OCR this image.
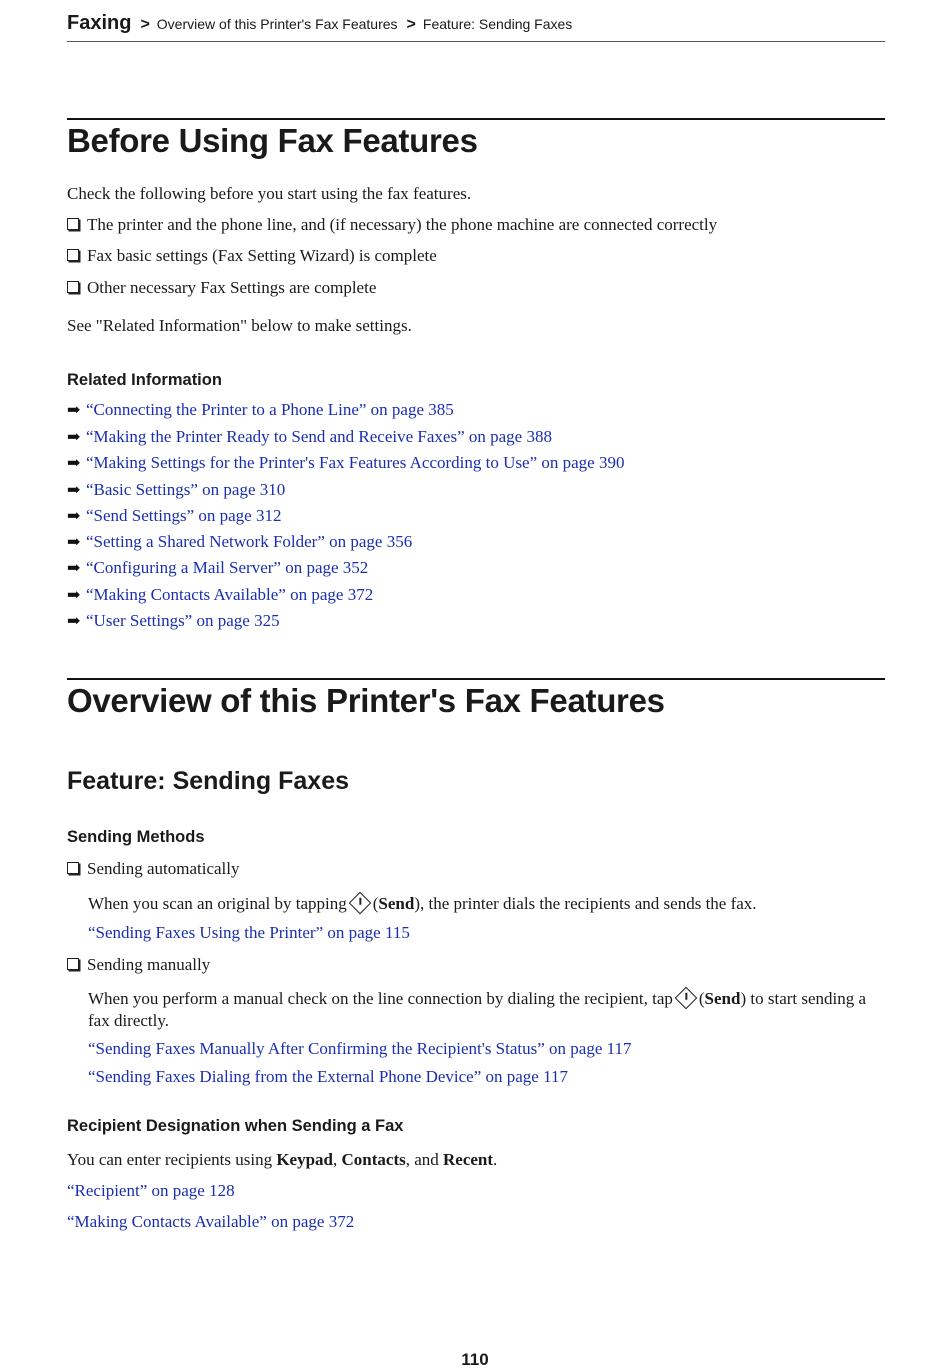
Faxing > Overview of this Printer's Fax Features > Feature: Sending Faxes
Before Using Fax Features
Check the following before you start using the fax features.
The printer and the phone line, and (if necessary) the phone machine are connected correctly
Fax basic settings (Fax Setting Wizard) is complete
Other necessary Fax Settings are complete
See "Related Information" below to make settings.
Related Information
➡ “Connecting the Printer to a Phone Line” on page 385
➡ “Making the Printer Ready to Send and Receive Faxes” on page 388
➡ “Making Settings for the Printer's Fax Features According to Use” on page 390
➡ “Basic Settings” on page 310
➡ “Send Settings” on page 312
➡ “Setting a Shared Network Folder” on page 356
➡ “Configuring a Mail Server” on page 352
➡ “Making Contacts Available” on page 372
➡ “User Settings” on page 325
Overview of this Printer's Fax Features
Feature: Sending Faxes
Sending Methods
Sending automatically
When you scan an original by tapping (Send), the printer dials the recipients and sends the fax.
“Sending Faxes Using the Printer” on page 115
Sending manually
When you perform a manual check on the line connection by dialing the recipient, tap (Send) to start sending a fax directly.
“Sending Faxes Manually After Confirming the Recipient's Status” on page 117
“Sending Faxes Dialing from the External Phone Device” on page 117
Recipient Designation when Sending a Fax
You can enter recipients using Keypad, Contacts, and Recent.
“Recipient” on page 128
“Making Contacts Available” on page 372
110
